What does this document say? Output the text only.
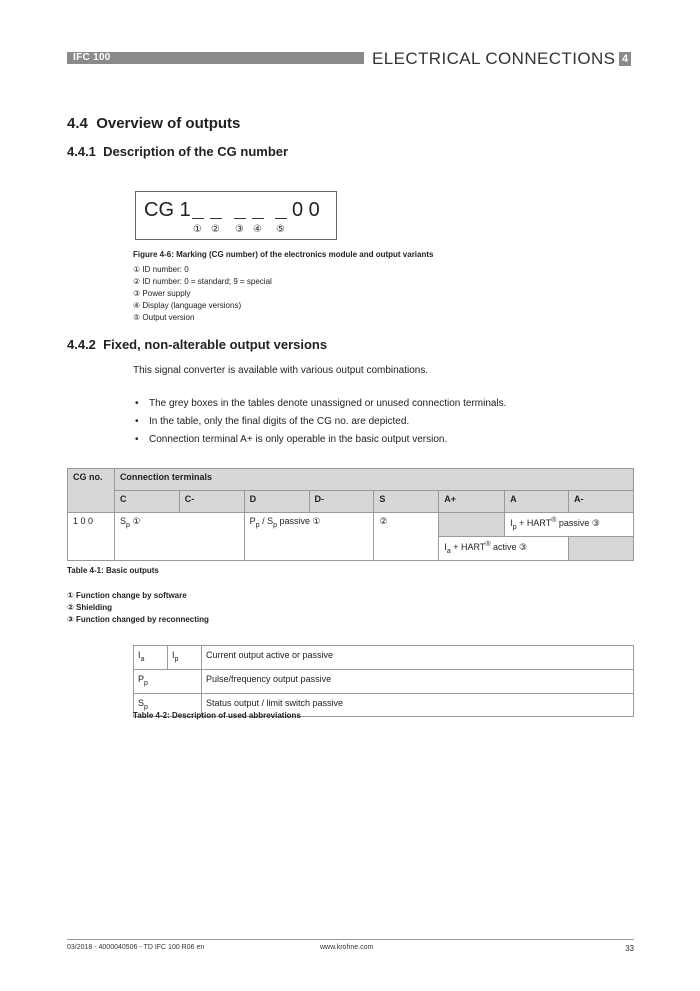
IFC 100	ELECTRICAL CONNECTIONS 4
4.4 Overview of outputs
4.4.1 Description of the CG number
CG 1	0 0
① ② ③ ④ ⑤
Figure 4-6: Marking (CG number) of the electronics module and output variants
① ID number: 0
② ID number: 0 = standard; 9 = special
③ Power supply
④ Display (language versions)
⑤ Output version
4.4.2 Fixed, non-alterable output versions
This signal converter is available with various output combinations.
• The grey boxes in the tables denote unassigned or unused connection terminals.
• In the table, only the final digits of the CG no. are depicted.
• Connection terminal A+ is only operable in the basic output version.
CG no.	Connection terminals							
	C	C-	D	D-	S	A+	A	A-
1 0 0	$S_p$ ①		$P_p / S_p$ passive ①		②		$I_p$ + HART® passive ③	
						$I_a$ + HART® active ③		
Table 4-1: Basic outputs
① Function change by software
② Shielding
③ Function changed by reconnecting
$I_a$	$I_p$	Current output active or passive
$P_p$		Pulse/frequency output passive
$S_p$		Status output / limit switch passive
Table 4-2: Description of used abbreviations
03/2018 - 4000040506 - TD IFC 100 R06 en	www.krohne.com	33
